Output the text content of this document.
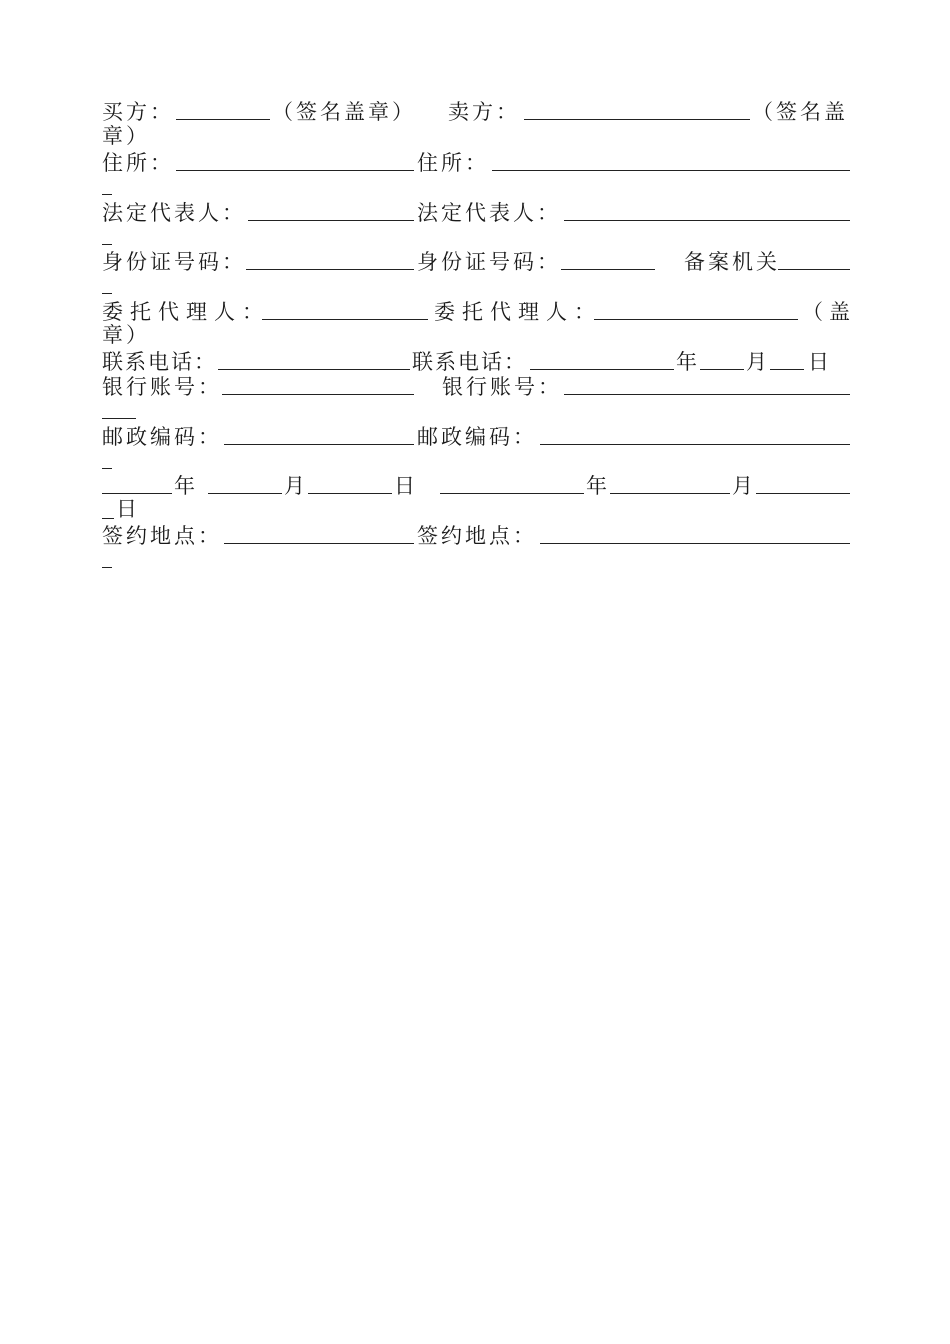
买方：	（签名盖章） 卖方：	（签名盖
章）
住所：	住所：
法定代表人：	法定代表人：
身份证号码：	身份证号码：	备案机关
委托代理人：	委托代理人：	（盖
章）
联系电话：	联系电话：	年 月 日
银行账号：	银行账号：
邮政编码：	邮政编码：
年	月	日	年	月
日
签约地点：	签约地点：
